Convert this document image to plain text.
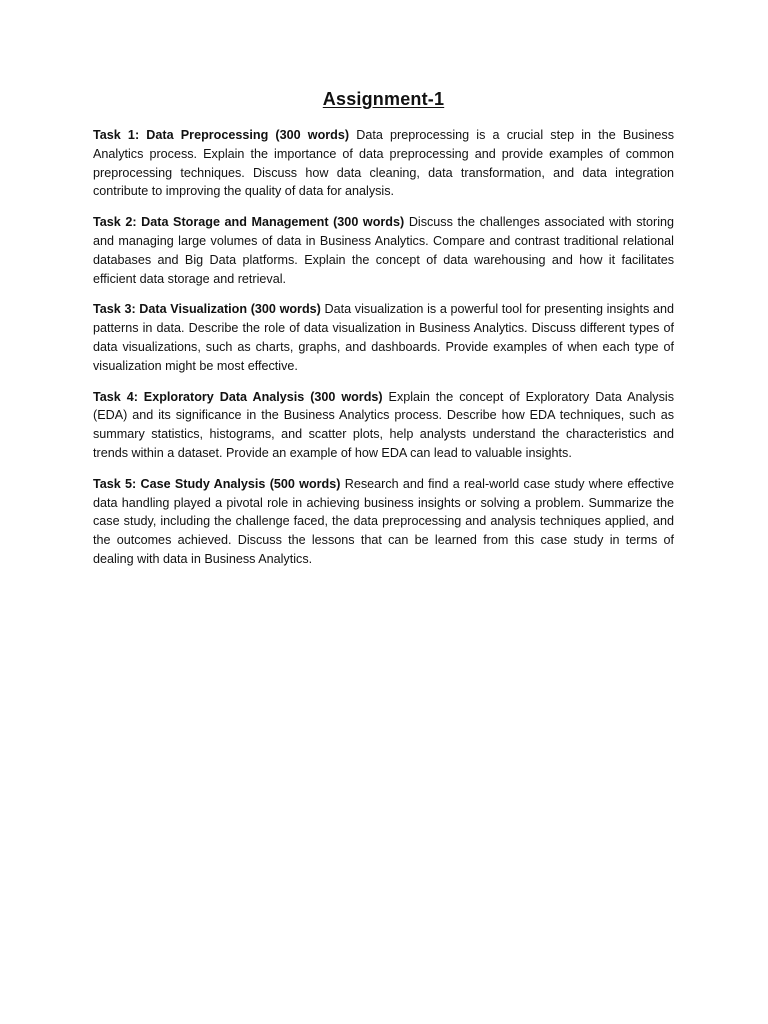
Assignment-1

Task 1: Data Preprocessing (300 words) Data preprocessing is a crucial step in the Business Analytics process. Explain the importance of data preprocessing and provide examples of common preprocessing techniques. Discuss how data cleaning, data transformation, and data integration contribute to improving the quality of data for analysis.

Task 2: Data Storage and Management (300 words) Discuss the challenges associated with storing and managing large volumes of data in Business Analytics. Compare and contrast traditional relational databases and Big Data platforms. Explain the concept of data warehousing and how it facilitates efficient data storage and retrieval.

Task 3: Data Visualization (300 words) Data visualization is a powerful tool for presenting insights and patterns in data. Describe the role of data visualization in Business Analytics. Discuss different types of data visualizations, such as charts, graphs, and dashboards. Provide examples of when each type of visualization might be most effective.

Task 4: Exploratory Data Analysis (300 words) Explain the concept of Exploratory Data Analysis (EDA) and its significance in the Business Analytics process. Describe how EDA techniques, such as summary statistics, histograms, and scatter plots, help analysts understand the characteristics and trends within a dataset. Provide an example of how EDA can lead to valuable insights.

Task 5: Case Study Analysis (500 words) Research and find a real-world case study where effective data handling played a pivotal role in achieving business insights or solving a problem. Summarize the case study, including the challenge faced, the data preprocessing and analysis techniques applied, and the outcomes achieved. Discuss the lessons that can be learned from this case study in terms of dealing with data in Business Analytics.
